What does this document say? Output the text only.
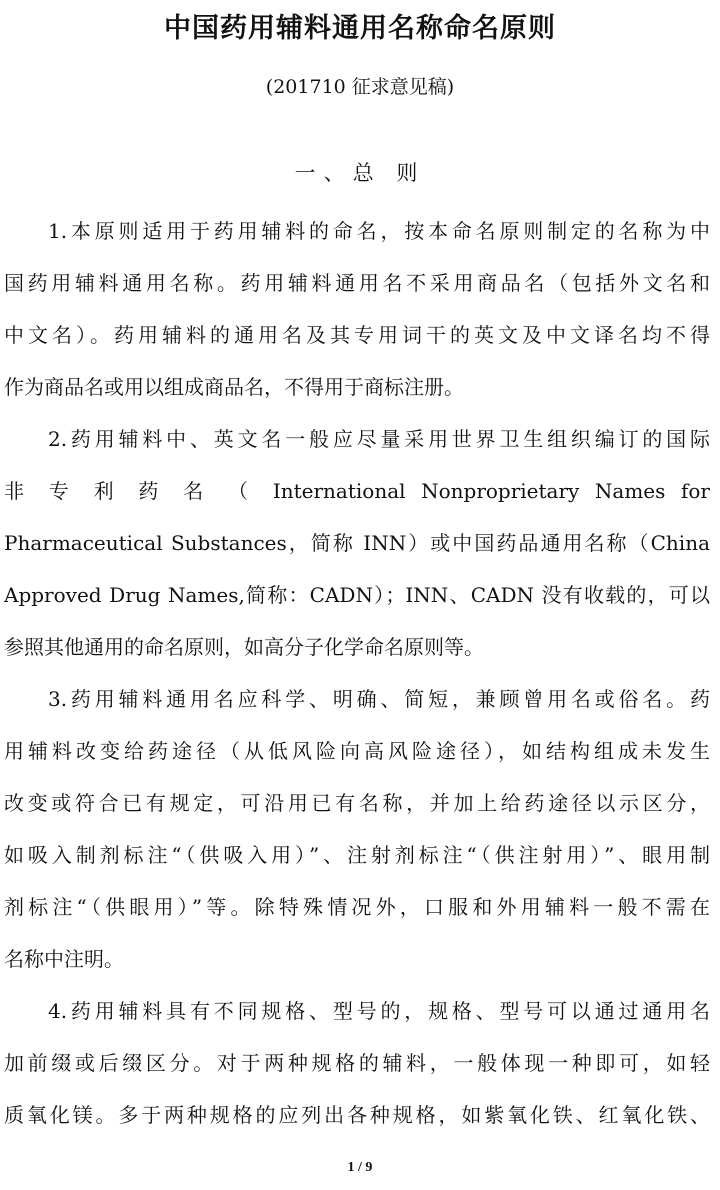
中国药用辅料通用名称命名原则
(201710 征求意见稿)
一、总 则
1.本原则适用于药用辅料的命名，按本命名原则制定的名称为中
国药用辅料通用名称。药用辅料通用名不采用商品名（包括外文名和
中文名）。药用辅料的通用名及其专用词干的英文及中文译名均不得
作为商品名或用以组成商品名，不得用于商标注册。
2.药用辅料中、英文名一般应尽量采用世界卫生组织编订的国际
非 专 利 药 名 （ International Nonproprietary Names for
Pharmaceutical Substances，简称 INN）或中国药品通用名称（China
Approved Drug Names,简称：CADN）；INN、CADN 没有收载的，可以
参照其他通用的命名原则，如高分子化学命名原则等。
3.药用辅料通用名应科学、明确、简短，兼顾曾用名或俗名。药
用辅料改变给药途径（从低风险向高风险途径），如结构组成未发生
改变或符合已有规定，可沿用已有名称，并加上给药途径以示区分，
如吸入制剂标注“（供吸入用）”、注射剂标注“（供注射用）”、眼用制
剂标注“（供眼用）”等。除特殊情况外，口服和外用辅料一般不需在
名称中注明。
4.药用辅料具有不同规格、型号的，规格、型号可以通过通用名
加前缀或后缀区分。对于两种规格的辅料，一般体现一种即可，如轻
质氧化镁。多于两种规格的应列出各种规格，如紫氧化铁、红氧化铁、
1 / 9
